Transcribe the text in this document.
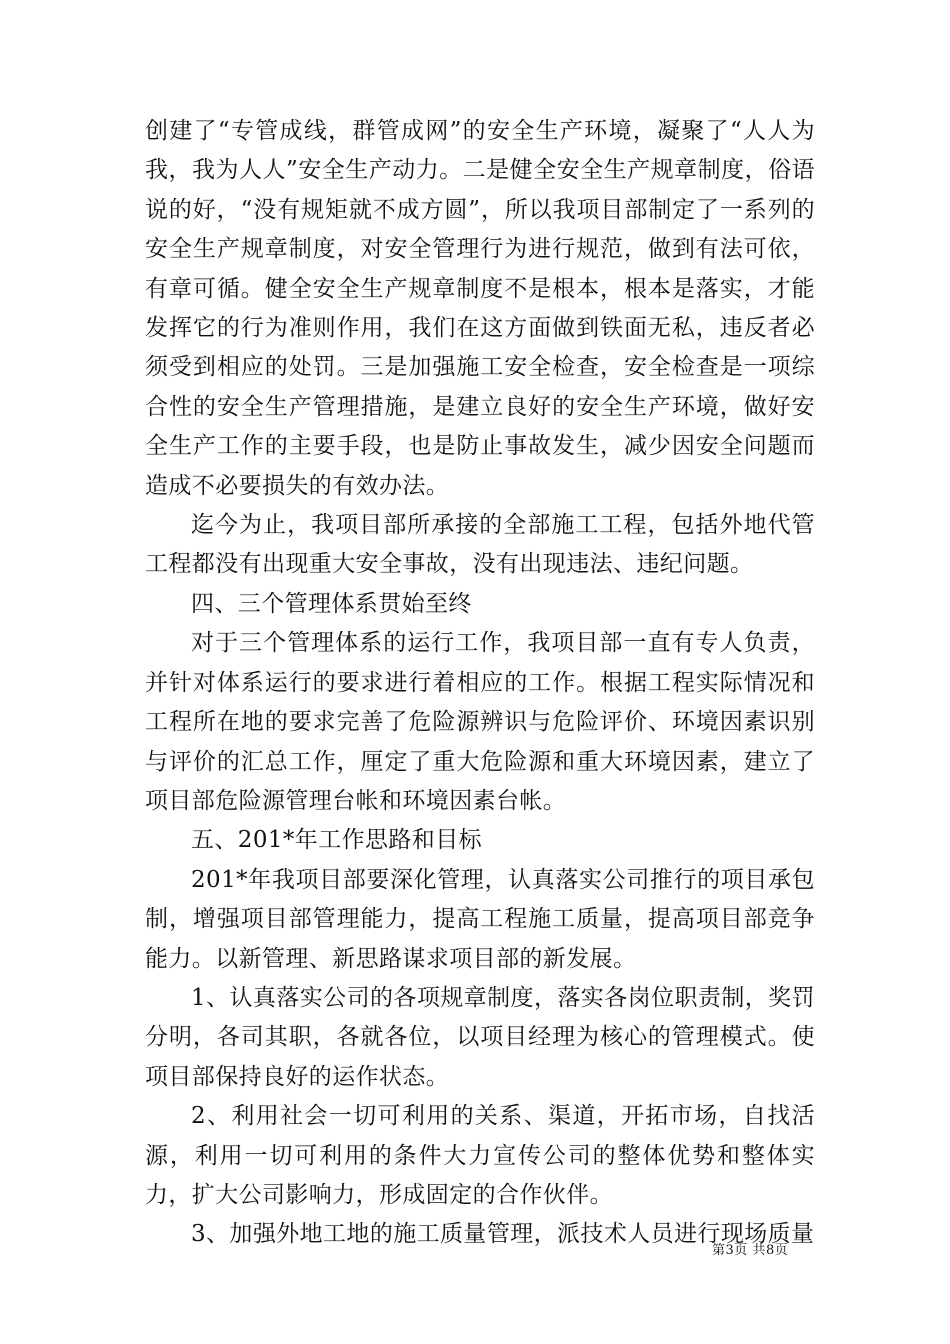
创建了“专管成线，群管成网”的安全生产环境，凝聚了“人人为我，我为人人”安全生产动力。二是健全安全生产规章制度，俗语说的好，“没有规矩就不成方圆”，所以我项目部制定了一系列的安全生产规章制度，对安全管理行为进行规范，做到有法可依，有章可循。健全安全生产规章制度不是根本，根本是落实，才能发挥它的行为准则作用，我们在这方面做到铁面无私，违反者必须受到相应的处罚。三是加强施工安全检查，安全检查是一项综合性的安全生产管理措施，是建立良好的安全生产环境，做好安全生产工作的主要手段，也是防止事故发生，减少因安全问题而造成不必要损失的有效办法。

迄今为止，我项目部所承接的全部施工工程，包括外地代管工程都没有出现重大安全事故，没有出现违法、违纪问题。

四、三个管理体系贯始至终

对于三个管理体系的运行工作，我项目部一直有专人负责，并针对体系运行的要求进行着相应的工作。根据工程实际情况和工程所在地的要求完善了危险源辨识与危险评价、环境因素识别与评价的汇总工作，厘定了重大危险源和重大环境因素，建立了项目部危险源管理台帐和环境因素台帐。

五、201*年工作思路和目标

201*年我项目部要深化管理，认真落实公司推行的项目承包制，增强项目部管理能力，提高工程施工质量，提高项目部竞争能力。以新管理、新思路谋求项目部的新发展。

1、认真落实公司的各项规章制度，落实各岗位职责制，奖罚分明，各司其职，各就各位，以项目经理为核心的管理模式。使项目部保持良好的运作状态。

2、利用社会一切可利用的关系、渠道，开拓市场，自找活源，利用一切可利用的条件大力宣传公司的整体优势和整体实力，扩大公司影响力，形成固定的合作伙伴。

3、加强外地工地的施工质量管理，派技术人员进行现场质量

第3页 共8页
